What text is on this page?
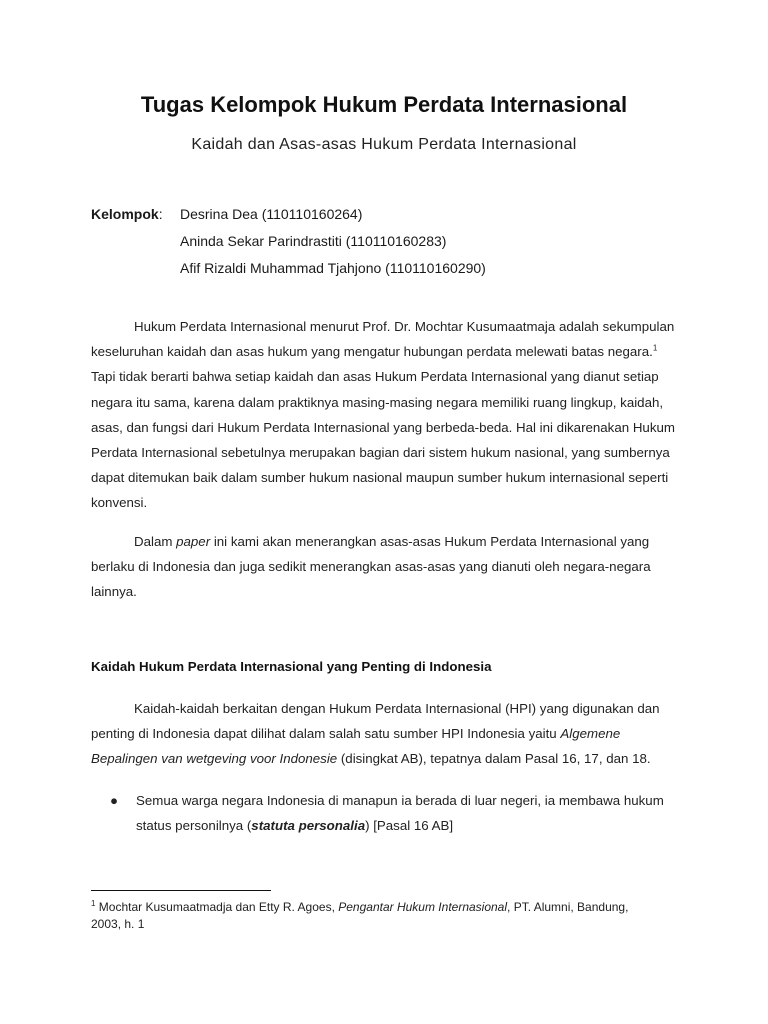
Tugas Kelompok Hukum Perdata Internasional
Kaidah dan Asas-asas Hukum Perdata Internasional
Kelompok:	Desrina Dea (110110160264)
Aninda Sekar Parindrastiti (110110160283)
Afif Rizaldi Muhammad Tjahjono (110110160290)
Hukum Perdata Internasional menurut Prof. Dr. Mochtar Kusumaatmaja adalah sekumpulan keseluruhan kaidah dan asas hukum yang mengatur hubungan perdata melewati batas negara.$^1$ Tapi tidak berarti bahwa setiap kaidah dan asas Hukum Perdata Internasional yang dianut setiap negara itu sama, karena dalam praktiknya masing-masing negara memiliki ruang lingkup, kaidah, asas, dan fungsi dari Hukum Perdata Internasional yang berbeda-beda. Hal ini dikarenakan Hukum Perdata Internasional sebetulnya merupakan bagian dari sistem hukum nasional, yang sumbernya dapat ditemukan baik dalam sumber hukum nasional maupun sumber hukum internasional seperti konvensi.
Dalam paper ini kami akan menerangkan asas-asas Hukum Perdata Internasional yang berlaku di Indonesia dan juga sedikit menerangkan asas-asas yang dianuti oleh negara-negara lainnya.
Kaidah Hukum Perdata Internasional yang Penting di Indonesia
Kaidah-kaidah berkaitan dengan Hukum Perdata Internasional (HPI) yang digunakan dan penting di Indonesia dapat dilihat dalam salah satu sumber HPI Indonesia yaitu Algemene Bepalingen van wetgeving voor Indonesie (disingkat AB), tepatnya dalam Pasal 16, 17, dan 18.
● Semua warga negara Indonesia di manapun ia berada di luar negeri, ia membawa hukum status personilnya (statuta personalia) [Pasal 16 AB]
$^1$ Mochtar Kusumaatmadja dan Etty R. Agoes, Pengantar Hukum Internasional, PT. Alumni, Bandung, 2003, h. 1
